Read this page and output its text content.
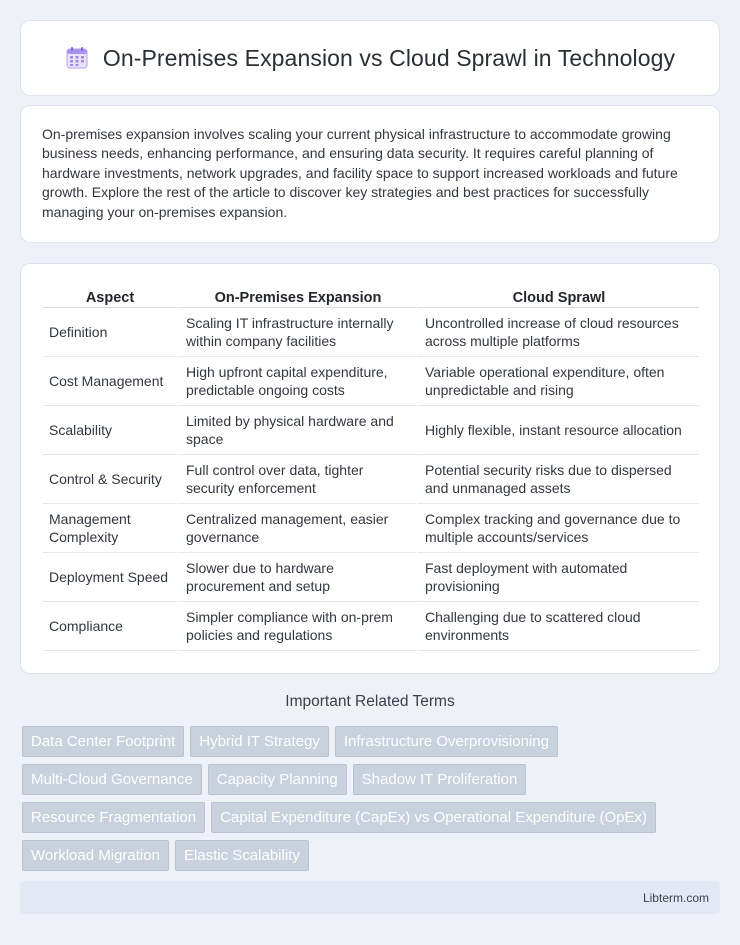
On-Premises Expansion vs Cloud Sprawl in Technology

On-premises expansion involves scaling your current physical infrastructure to accommodate growing business needs, enhancing performance, and ensuring data security. It requires careful planning of hardware investments, network upgrades, and facility space to support increased workloads and future growth. Explore the rest of the article to discover key strategies and best practices for successfully managing your on-premises expansion.

Aspect	On-Premises Expansion	Cloud Sprawl
Definition	Scaling IT infrastructure internally within company facilities	Uncontrolled increase of cloud resources across multiple platforms
Cost Management	High upfront capital expenditure, predictable ongoing costs	Variable operational expenditure, often unpredictable and rising
Scalability	Limited by physical hardware and space	Highly flexible, instant resource allocation
Control & Security	Full control over data, tighter security enforcement	Potential security risks due to dispersed and unmanaged assets
Management Complexity	Centralized management, easier governance	Complex tracking and governance due to multiple accounts/services
Deployment Speed	Slower due to hardware procurement and setup	Fast deployment with automated provisioning
Compliance	Simpler compliance with on-prem policies and regulations	Challenging due to scattered cloud environments
Important Related Terms
Data Center Footprint	Hybrid IT Strategy	Infrastructure Overprovisioning
Multi-Cloud Governance	Capacity Planning	Shadow IT Proliferation
Resource Fragmentation	Capital Expenditure (CapEx) vs Operational Expenditure (OpEx)
Workload Migration	Elastic Scalability
Libterm.com
